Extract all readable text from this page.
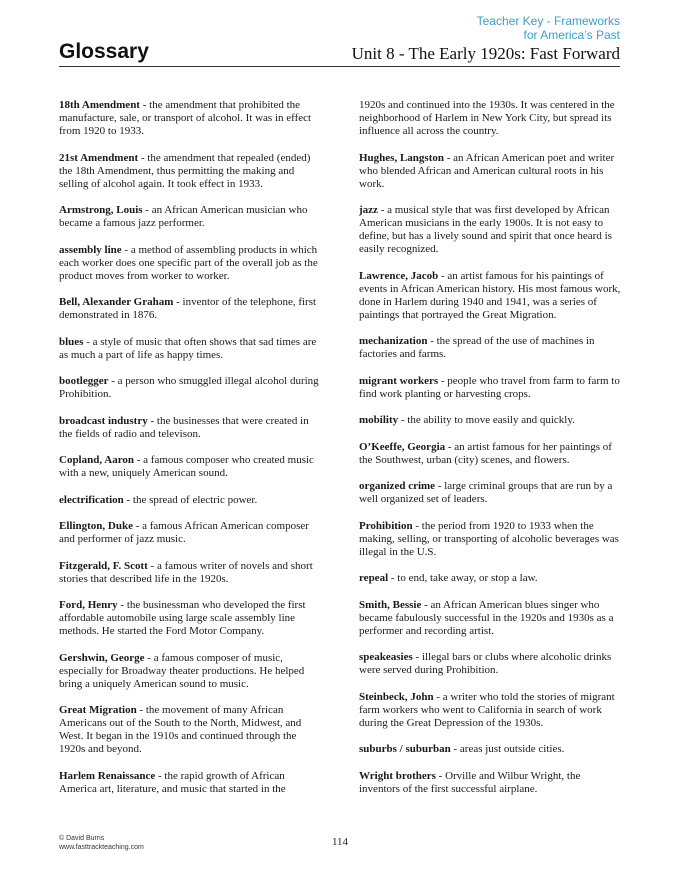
Teacher Key - Frameworks
for America’s Past
Glossary	Unit 8 - The Early 1920s: Fast Forward

18th Amendment - the amendment that prohibited the manufacture, sale, or transport of alcohol. It was in effect from 1920 to 1933.

21st Amendment - the amendment that repealed (ended) the 18th Amendment, thus permitting the making and selling of alcohol again. It took effect in 1933.

Armstrong, Louis - an African American musician who became a famous jazz performer.

assembly line - a method of assembling products in which each worker does one specific part of the overall job as the product moves from worker to worker.

Bell, Alexander Graham - inventor of the telephone, first demonstrated in 1876.

blues - a style of music that often shows that sad times are as much a part of life as happy times.

bootlegger - a person who smuggled illegal alcohol during Prohibition.

broadcast industry - the businesses that were created in the fields of radio and televison.

Copland, Aaron - a famous composer who created music with a new, uniquely American sound.

electrification - the spread of electric power.

Ellington, Duke - a famous African American composer and performer of jazz music.

Fitzgerald, F. Scott - a famous writer of novels and short stories that described life in the 1920s.

Ford, Henry - the businessman who developed the first affordable automobile using large scale assembly line methods. He started the Ford Motor Company.

Gershwin, George - a famous composer of music, especially for Broadway theater productions. He helped bring a uniquely American sound to music.

Great Migration - the movement of many African Americans out of the South to the North, Midwest, and West. It began in the 1910s and continued through the 1920s and beyond.

Harlem Renaissance - the rapid growth of African America art, literature, and music that started in the

1920s and continued into the 1930s. It was centered in the neighborhood of Harlem in New York City, but spread its influence all across the country.

Hughes, Langston - an African American poet and writer who blended African and American cultural roots in his work.

jazz - a musical style that was first developed by African American musicians in the early 1900s. It is not easy to define, but has a lively sound and spirit that once heard is easily recognized.

Lawrence, Jacob - an artist famous for his paintings of events in African American history. His most famous work, done in Harlem during 1940 and 1941, was a series of paintings that portrayed the Great Migration.

mechanization - the spread of the use of machines in factories and farms.

migrant workers - people who travel from farm to farm to find work planting or harvesting crops.

mobility - the ability to move easily and quickly.

O’Keeffe, Georgia - an artist famous for her paintings of the Southwest, urban (city) scenes, and flowers.

organized crime - large criminal groups that are run by a well organized set of leaders.

Prohibition - the period from 1920 to 1933 when the making, selling, or transporting of alcoholic beverages was illegal in the U.S.

repeal - to end, take away, or stop a law.

Smith, Bessie - an African American blues singer who became fabulously successful in the 1920s and 1930s as a performer and recording artist.

speakeasies - illegal bars or clubs where alcoholic drinks were served during Prohibition.

Steinbeck, John - a writer who told the stories of migrant farm workers who went to California in search of work during the Great Depression of the 1930s.

suburbs / suburban - areas just outside cities.

Wright brothers - Orville and Wilbur Wright, the inventors of the first successful airplane.

© David Burns
www.fasttrackteaching.com	114
